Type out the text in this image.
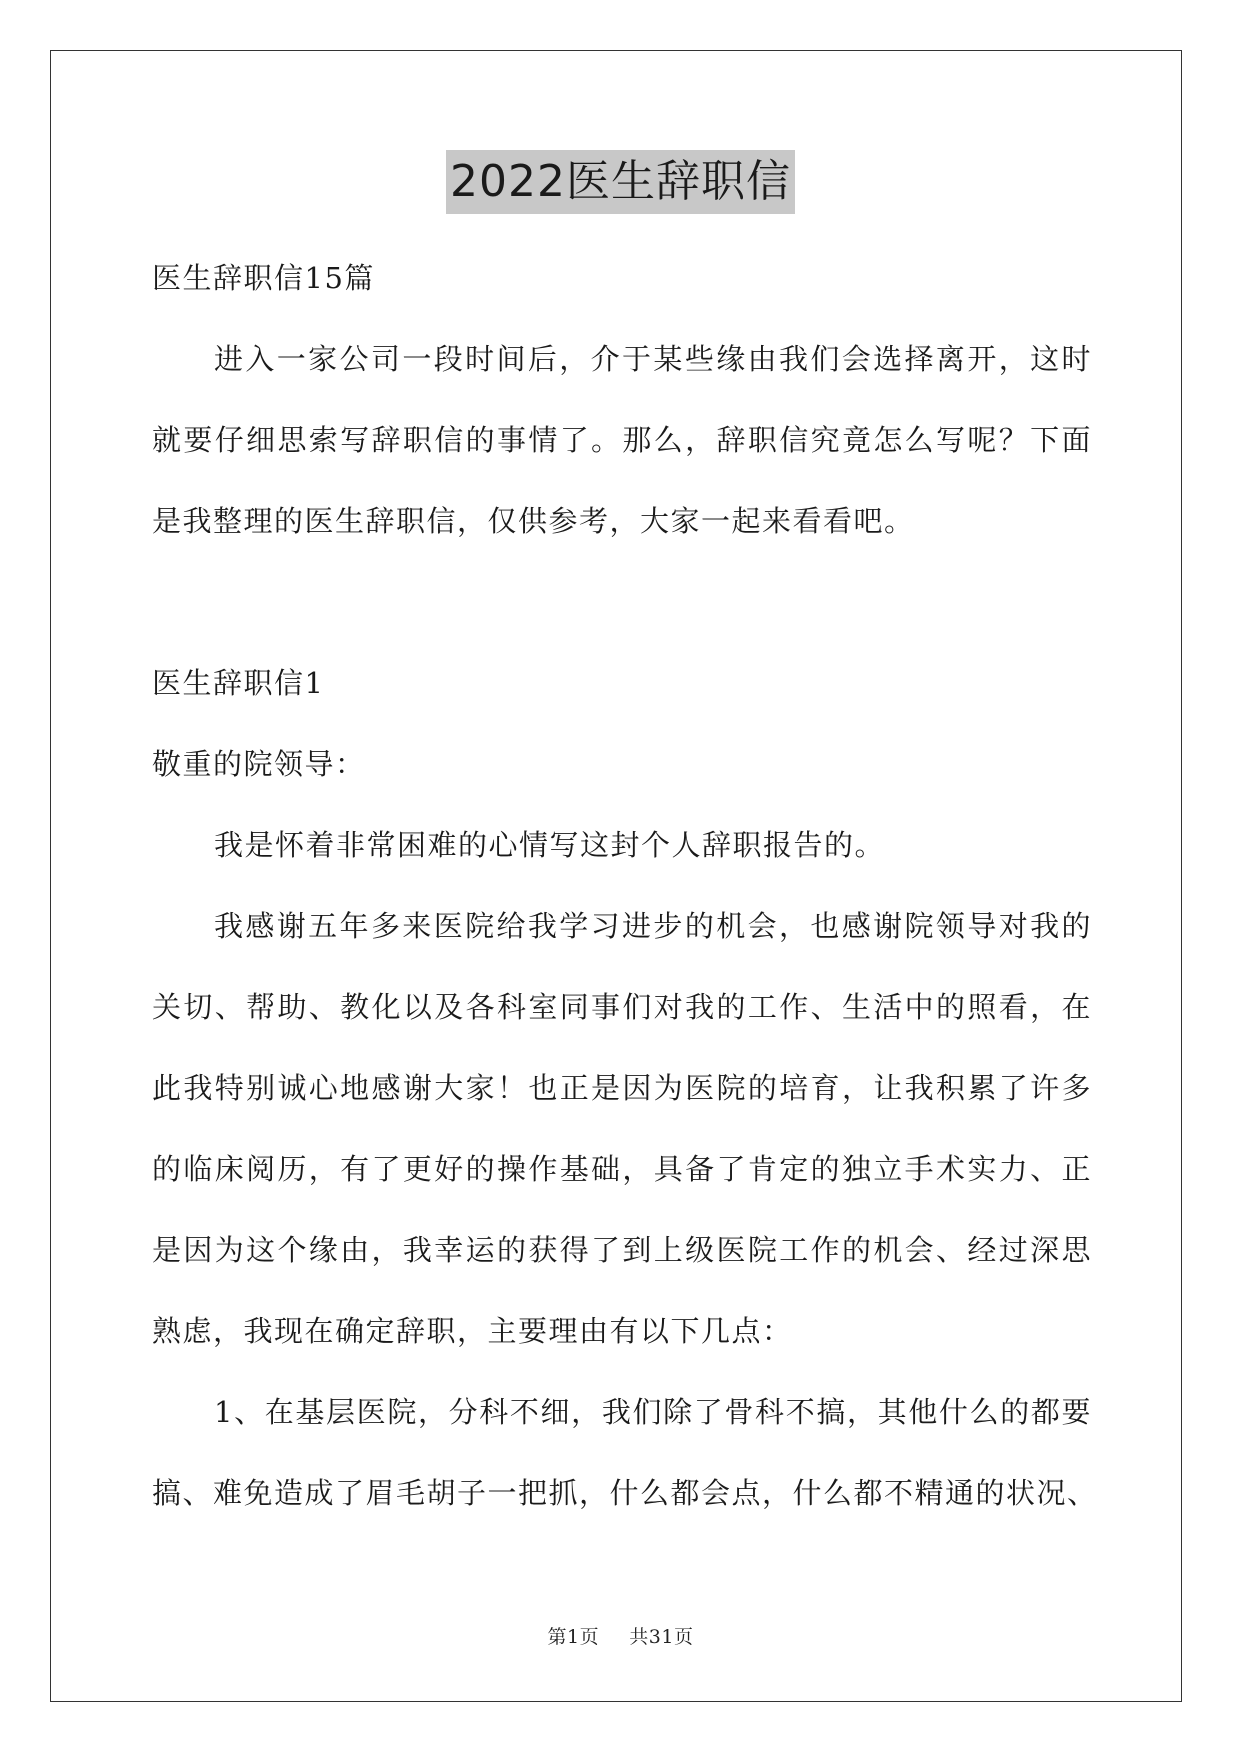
2022医生辞职信
医生辞职信15篇
进入一家公司一段时间后，介于某些缘由我们会选择离开，这时
就要仔细思索写辞职信的事情了。那么，辞职信究竟怎么写呢？下面
是我整理的医生辞职信，仅供参考，大家一起来看看吧。
医生辞职信1
敬重的院领导：
我是怀着非常困难的心情写这封个人辞职报告的。
我感谢五年多来医院给我学习进步的机会，也感谢院领导对我的
关切、帮助、教化以及各科室同事们对我的工作、生活中的照看，在
此我特别诚心地感谢大家！也正是因为医院的培育，让我积累了许多
的临床阅历，有了更好的操作基础，具备了肯定的独立手术实力、正
是因为这个缘由，我幸运的获得了到上级医院工作的机会、经过深思
熟虑，我现在确定辞职，主要理由有以下几点：
1、在基层医院，分科不细，我们除了骨科不搞，其他什么的都要
搞、难免造成了眉毛胡子一把抓，什么都会点，什么都不精通的状况、
第1页 共31页
